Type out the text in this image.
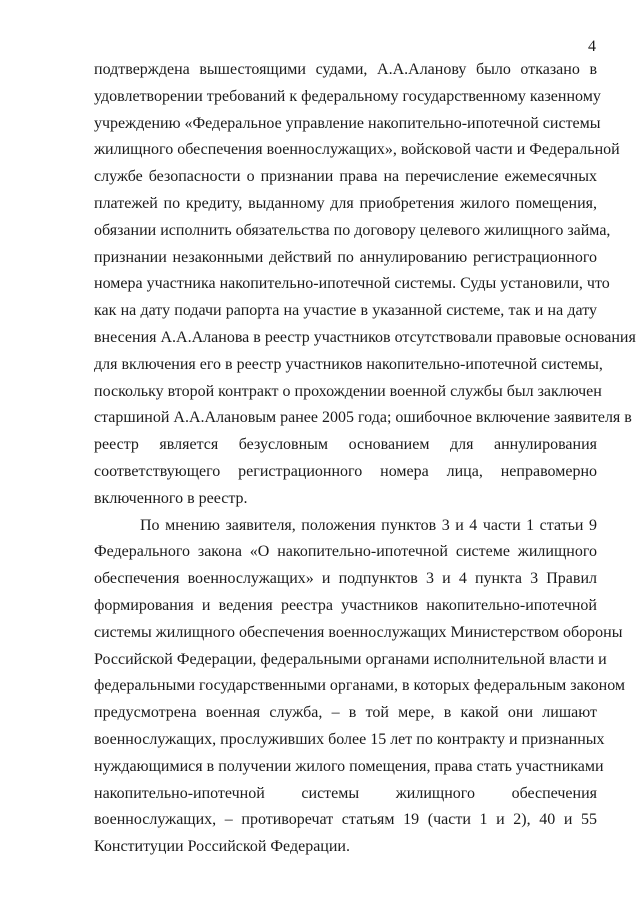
4

подтверждена вышестоящими судами, А.А.Аланову было отказано в
удовлетворении требований к федеральному государственному казенному
учреждению «Федеральное управление накопительно-ипотечной системы
жилищного обеспечения военнослужащих», войсковой части и Федеральной
службе безопасности о признании права на перечисление ежемесячных
платежей по кредиту, выданному для приобретения жилого помещения,
обязании исполнить обязательства по договору целевого жилищного займа,
признании незаконными действий по аннулированию регистрационного
номера участника накопительно-ипотечной системы. Суды установили, что
как на дату подачи рапорта на участие в указанной системе, так и на дату
внесения А.А.Аланова в реестр участников отсутствовали правовые основания
для включения его в реестр участников накопительно-ипотечной системы,
поскольку второй контракт о прохождении военной службы был заключен
старшиной А.А.Алановым ранее 2005 года; ошибочное включение заявителя в
реестр является безусловным основанием для аннулирования
соответствующего регистрационного номера лица, неправомерно
включенного в реестр.

По мнению заявителя, положения пунктов 3 и 4 части 1 статьи 9
Федерального закона «О накопительно-ипотечной системе жилищного
обеспечения военнослужащих» и подпунктов 3 и 4 пункта 3 Правил
формирования и ведения реестра участников накопительно-ипотечной
системы жилищного обеспечения военнослужащих Министерством обороны
Российской Федерации, федеральными органами исполнительной власти и
федеральными государственными органами, в которых федеральным законом
предусмотрена военная служба, – в той мере, в какой они лишают
военнослужащих, прослуживших более 15 лет по контракту и признанных
нуждающимися в получении жилого помещения, права стать участниками
накопительно-ипотечной системы жилищного обеспечения
военнослужащих, – противоречат статьям 19 (части 1 и 2), 40 и 55
Конституции Российской Федерации.
